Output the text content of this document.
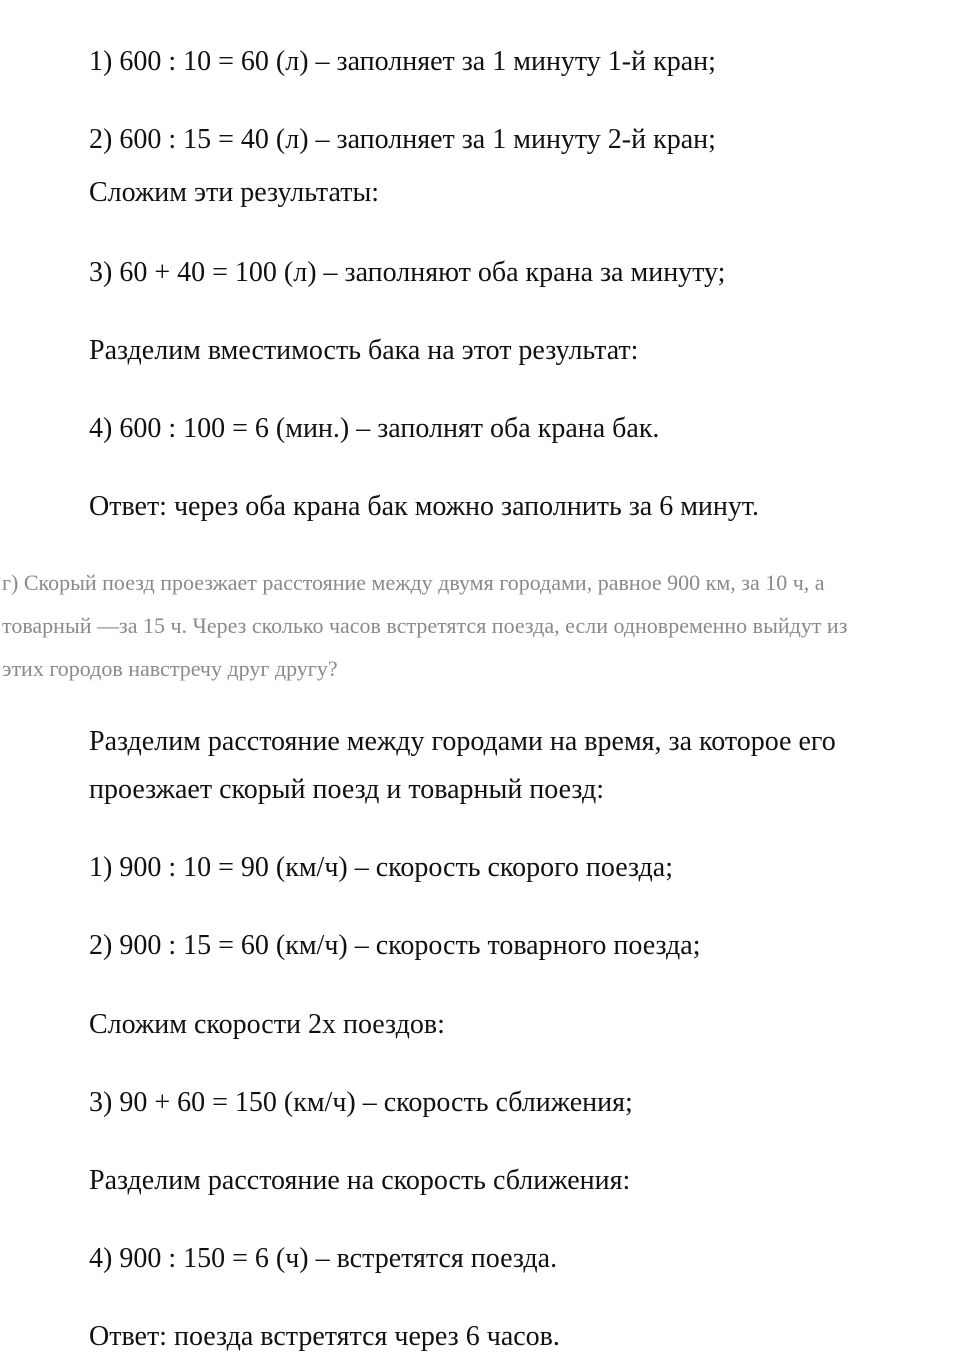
1) 600 : 10 = 60 (л) – заполняет за 1 минуту 1-й кран;
2) 600 : 15 = 40 (л) – заполняет за 1 минуту 2-й кран;
Сложим эти результаты:
3) 60 + 40 = 100 (л) – заполняют оба крана за минуту;
Разделим вместимость бака на этот результат:
4) 600 : 100 = 6 (мин.) – заполнят оба крана бак.
Ответ: через оба крана бак можно заполнить за 6 минут.
г) Скорый поезд проезжает расстояние между двумя городами, равное 900 км, за 10 ч, а
товарный —за 15 ч. Через сколько часов встретятся поезда, если одновременно выйдут из
этих городов навстречу друг другу?
Разделим расстояние между городами на время, за которое его
проезжает скорый поезд и товарный поезд:
1) 900 : 10 = 90 (км/ч) – скорость скорого поезда;
2) 900 : 15 = 60 (км/ч) – скорость товарного поезда;
Сложим скорости 2х поездов:
3) 90 + 60 = 150 (км/ч) – скорость сближения;
Разделим расстояние на скорость сближения:
4) 900 : 150 = 6 (ч) – встретятся поезда.
Ответ: поезда встретятся через 6 часов.
